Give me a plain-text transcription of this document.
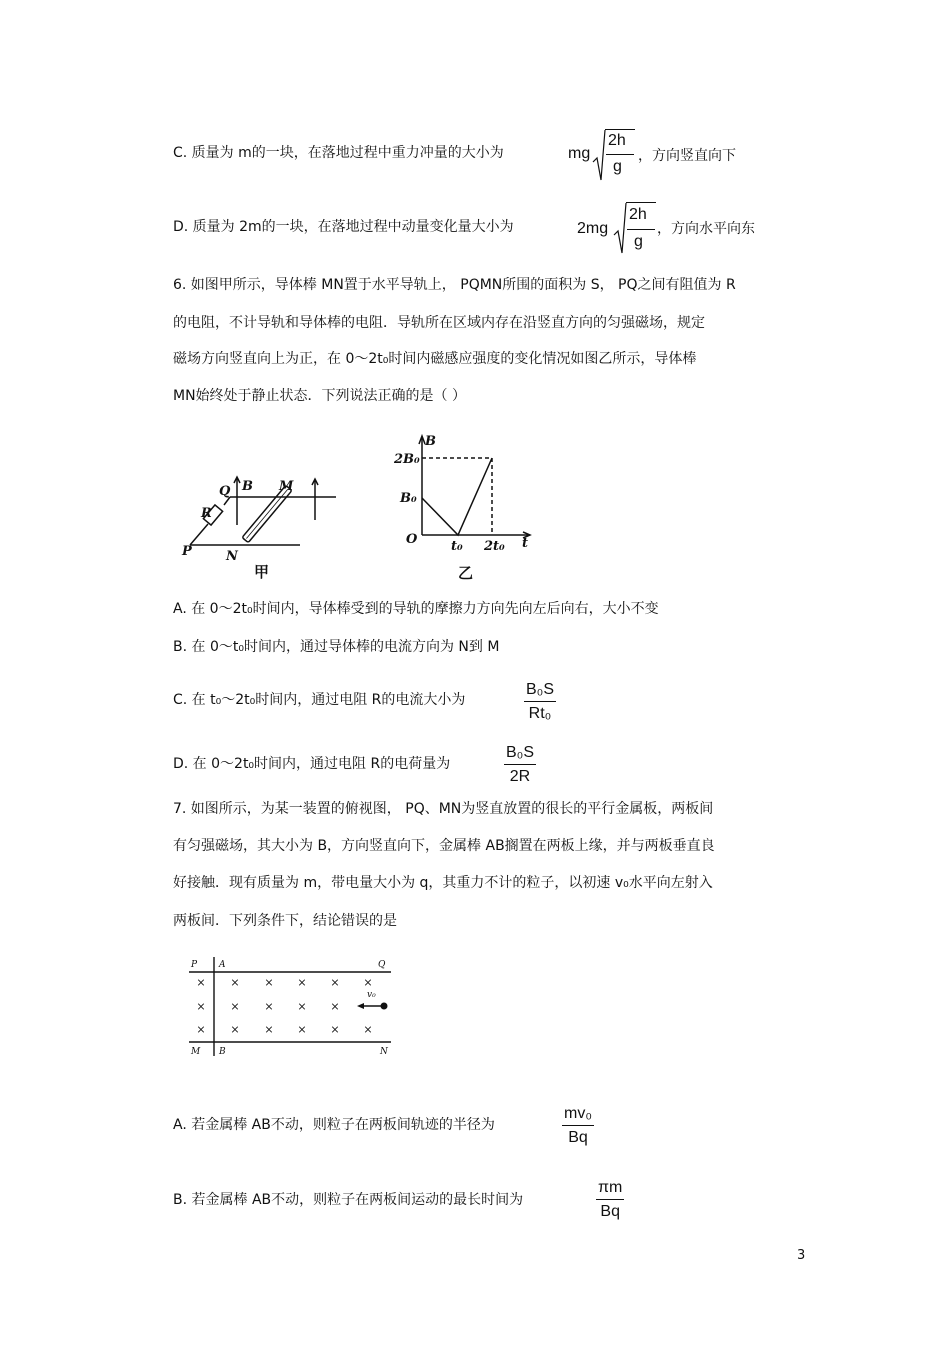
C. 质量为 m的一块，在落地过程中重力冲量的大小为	mg
2h
g
，方向竖直向下
D. 质量为 2m的一块，在落地过程中动量变化量大小为	2mg
2h
g
，方向水平向东
6. 如图甲所示，导体棒 MN置于水平导轨上， PQMN所围的面积为 S， PQ之间有阻值为 R
的电阻，不计导轨和导体棒的电阻．导轨所在区域内存在沿竖直方向的匀强磁场，规定
磁场方向竖直向上为正，在 0～2t₀时间内磁感应强度的变化情况如图乙所示，导体棒
MN始终处于静止状态．下列说法正确的是（ ）
Q B M
R
P	N
甲
B
2B₀
B₀
O	t₀ 2t₀ t
乙
A. 在 0～2t₀时间内，导体棒受到的导轨的摩擦力方向先向左后向右，大小不变
B. 在 0～t₀时间内，通过导体棒的电流方向为 N到 M
C. 在 t₀～2t₀时间内，通过电阻 R的电流大小为
B₀S
Rt₀
D. 在 0～2t₀时间内，通过电阻 R的电荷量为
B₀S
2R
7. 如图所示，为某一装置的俯视图， PQ、MN为竖直放置的很长的平行金属板，两板间
有匀强磁场，其大小为 B，方向竖直向下，金属棒 AB搁置在两板上缘，并与两板垂直良
好接触．现有质量为 m，带电量大小为 q，其重力不计的粒子，以初速 v₀水平向左射入
两板间．下列条件下，结论错误的是
P A	Q
M B	N
v₀
× × × × × ×
× × × × ×
× × × × × ×
A. 若金属棒 AB不动，则粒子在两板间轨迹的半径为
mv₀
Bq
B. 若金属棒 AB不动，则粒子在两板间运动的最长时间为
πm
Bq
3
